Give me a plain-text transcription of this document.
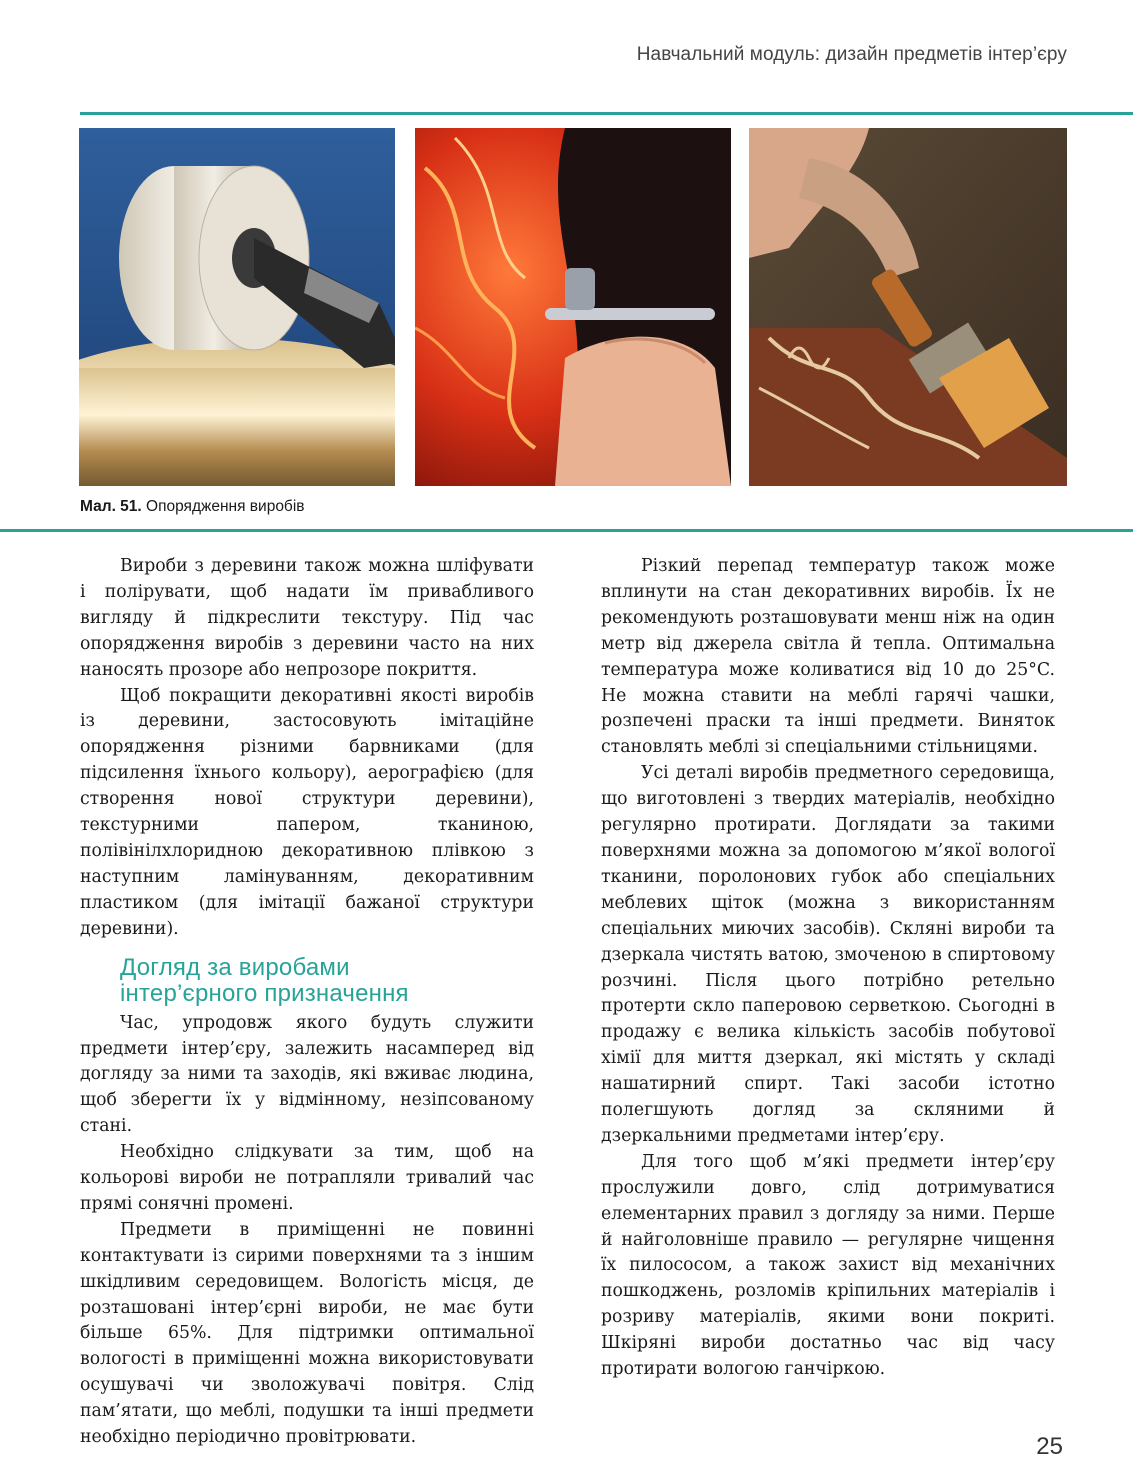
Навчальний модуль: дизайн предметів інтер’єру
Мал. 51. Опорядження виробів

Вироби з деревини також можна шліфувати і полірувати, щоб надати їм привабливого вигляду й підкреслити текстуру. Під час опорядження виробів з деревини часто на них наносять прозоре або непрозоре покриття.

Щоб покращити декоративні якості виробів із деревини, застосовують імітаційне опорядження різними барвниками (для підсилення їхнього кольору), аерографією (для створення нової структури деревини), текстурними папером, тканиною, полівінілхлоридною декоративною плівкою з наступним ламінуванням, декоративним пластиком (для імітації бажаної структури деревини).

Догляд за виробами
інтер’єрного призначення

Час, упродовж якого будуть служити предмети інтер’єру, залежить насамперед від догляду за ними та заходів, які вживає людина, щоб зберегти їх у відмінному, незіпсованому стані.

Необхідно слідкувати за тим, щоб на кольорові вироби не потрапляли тривалий час прямі сонячні промені.

Предмети в приміщенні не повинні контактувати із сирими поверхнями та з іншим шкідливим середовищем. Вологість місця, де розташовані інтер’єрні вироби, не має бути більше 65%. Для підтримки оптимальної вологості в приміщенні можна використовувати осушувачі чи зволожувачі повітря. Слід пам’ятати, що меблі, подушки та інші предмети необхідно періодично провітрювати.

Різкий перепад температур також може вплинути на стан декоративних виробів. Їх не рекомендують розташовувати менш ніж на один метр від джерела світла й тепла. Оптимальна температура може коливатися від 10 до 25°C. Не можна ставити на меблі гарячі чашки, розпечені праски та інші предмети. Виняток становлять меблі зі спеціальними стільницями.

Усі деталі виробів предметного середовища, що виготовлені з твердих матеріалів, необхідно регулярно протирати. Доглядати за такими поверхнями можна за допомогою м’якої вологої тканини, поролонових губок або спеціальних меблевих щіток (можна з використанням спеціальних миючих засобів). Скляні вироби та дзеркала чистять ватою, змоченою в спиртовому розчині. Після цього потрібно ретельно протерти скло паперовою серветкою. Сьогодні в продажу є велика кількість засобів побутової хімії для миття дзеркал, які містять у складі нашатирний спирт. Такі засоби істотно полегшують догляд за скляними й дзеркальними предметами інтер’єру.

Для того щоб м’які предмети інтер’єру прослужили довго, слід дотримуватися елементарних правил з догляду за ними. Перше й найголовніше правило — регулярне чищення їх пилососом, а також захист від механічних пошкоджень, розломів кріпильних матеріалів і розриву матеріалів, якими вони покриті. Шкіряні вироби достатньо час від часу протирати вологою ганчіркою.

25
